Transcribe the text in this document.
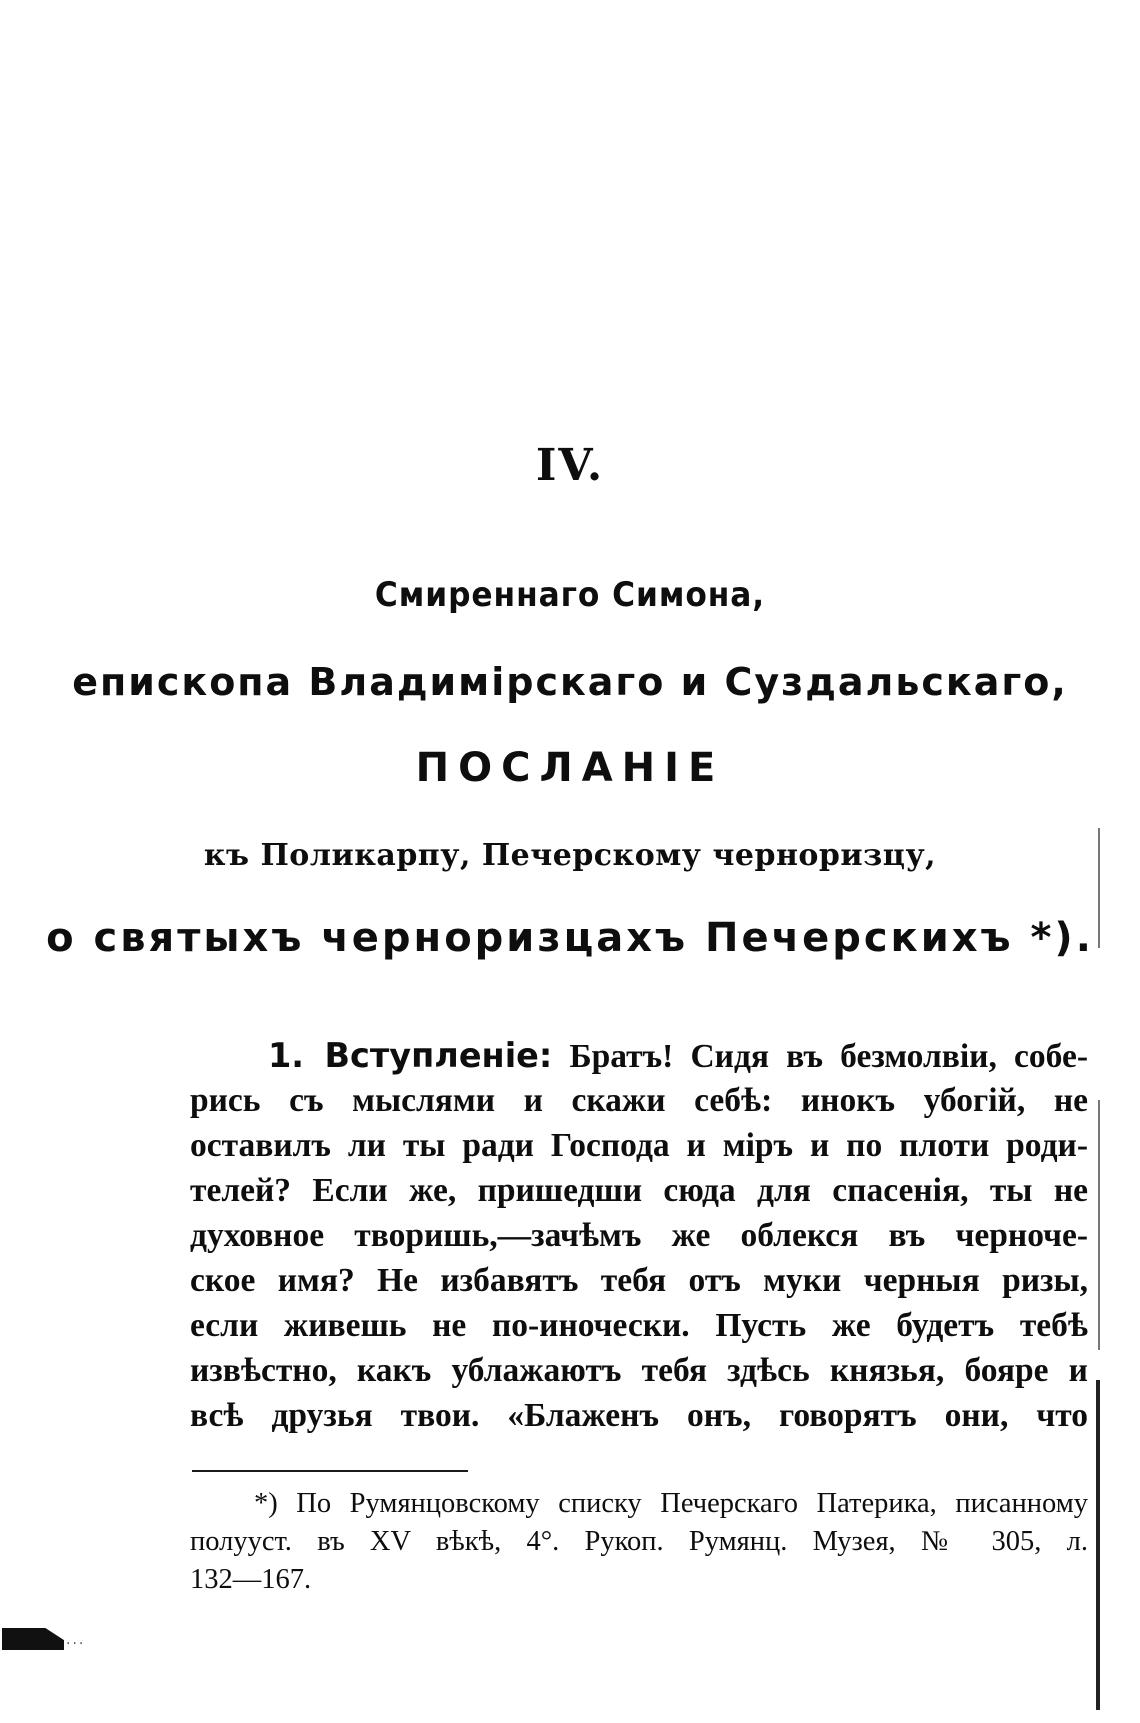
IV.
Смиреннаго Симона,
епископа Владимірскаго и Суздальскаго,
ПОСЛАНІЕ
къ Поликарпу, Печерскому черноризцу,
о святыхъ черноризцахъ Печерскихъ *).
1. Вступленіе: Братъ! Сидя въ безмолвіи, собе-
рись съ мыслями и скажи себѣ: инокъ убогій, не
оставилъ ли ты ради Господа и міръ и по плоти роди-
телей? Если же, пришедши сюда для спасенія, ты не
духовное творишь,—зачѣмъ же облекся въ черноче-
ское имя? Не избавятъ тебя отъ муки черныя ризы,
если живешь не по-иночески. Пусть же будетъ тебѣ
извѣстно, какъ ублажаютъ тебя здѣсь князья, бояре и
всѣ друзья твои. «Блаженъ онъ, говорятъ они, что
*) По Румянцовскому списку Печерскаго Патерика, писанному
полууст. въ XV вѣкѣ, 4°. Рукоп. Румянц. Музея, № 305, л.
132—167.
···
